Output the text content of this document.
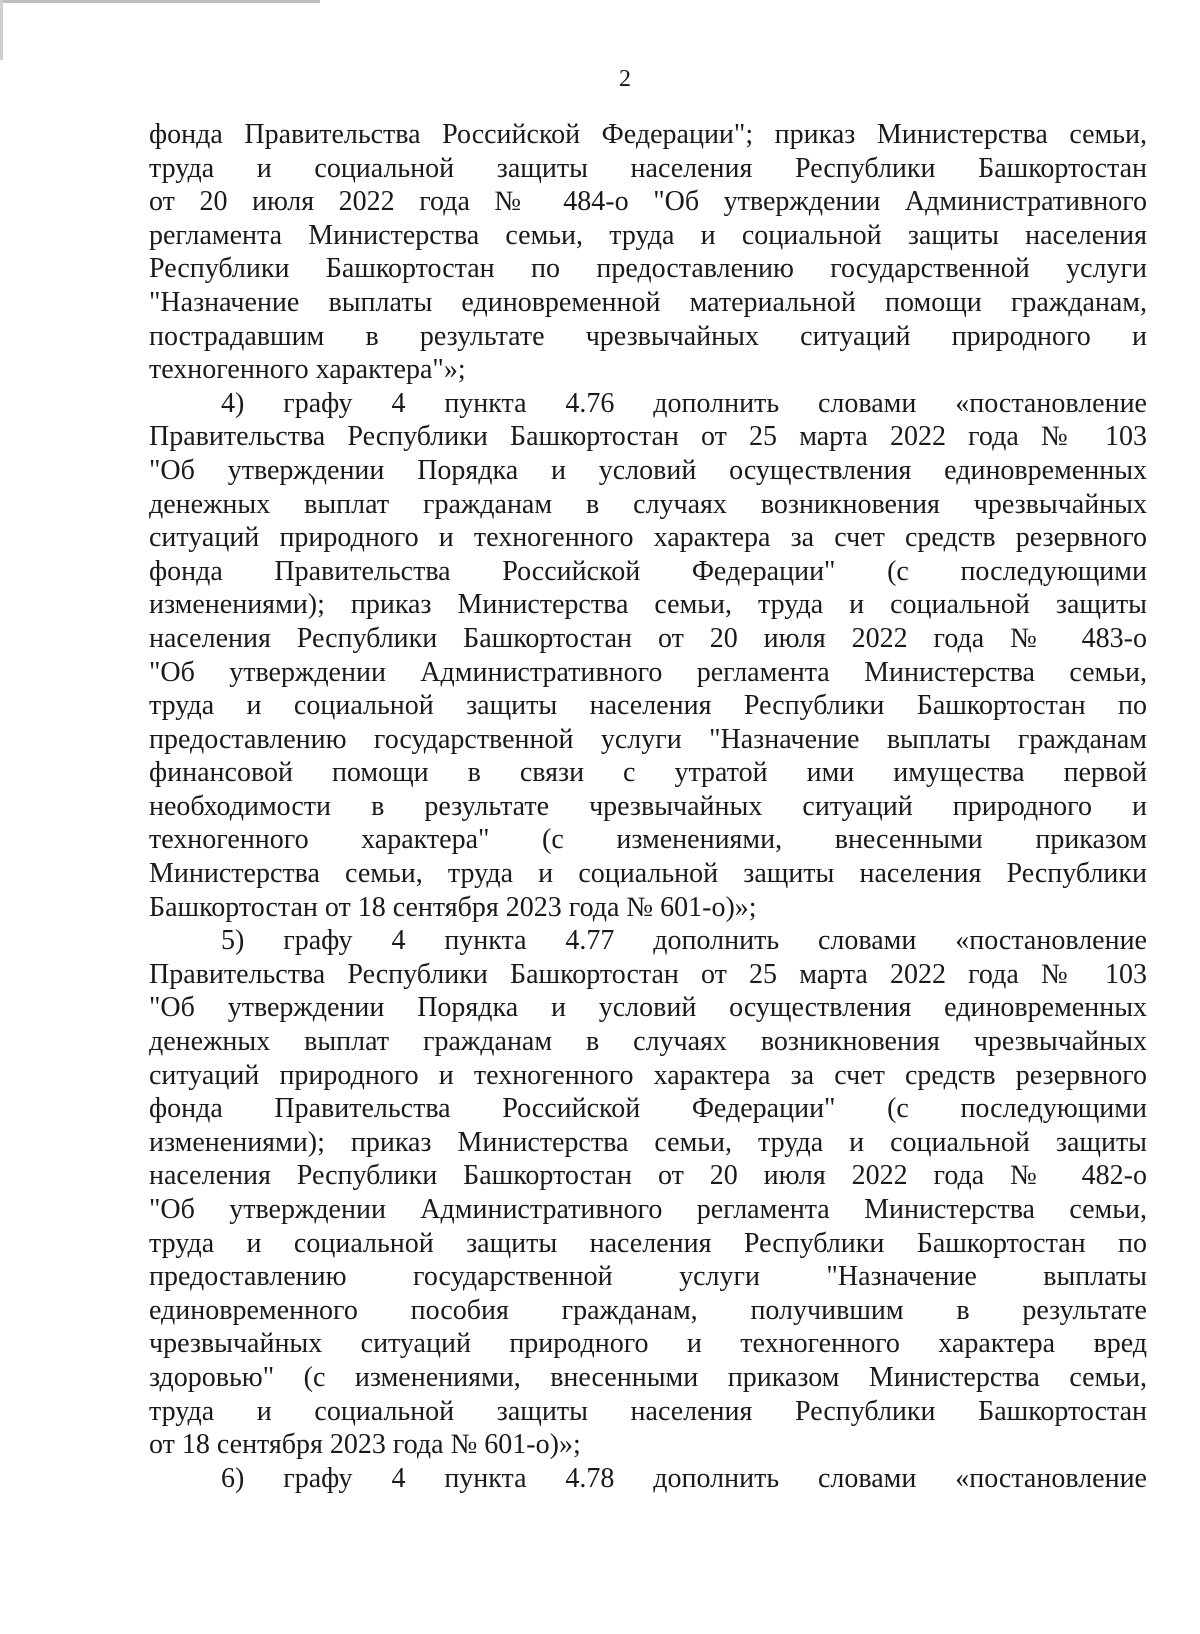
2
фонда Правительства Российской Федерации"; приказ Министерства семьи,
труда и социальной защиты населения Республики Башкортостан
от 20 июля 2022 года № 484-о "Об утверждении Административного
регламента Министерства семьи, труда и социальной защиты населения
Республики Башкортостан по предоставлению государственной услуги
"Назначение выплаты единовременной материальной помощи гражданам,
пострадавшим в результате чрезвычайных ситуаций природного и
техногенного характера"»;
4) графу 4 пункта 4.76 дополнить словами «постановление
Правительства Республики Башкортостан от 25 марта 2022 года № 103
"Об утверждении Порядка и условий осуществления единовременных
денежных выплат гражданам в случаях возникновения чрезвычайных
ситуаций природного и техногенного характера за счет средств резервного
фонда Правительства Российской Федерации" (с последующими
изменениями); приказ Министерства семьи, труда и социальной защиты
населения Республики Башкортостан от 20 июля 2022 года № 483-о
"Об утверждении Административного регламента Министерства семьи,
труда и социальной защиты населения Республики Башкортостан по
предоставлению государственной услуги "Назначение выплаты гражданам
финансовой помощи в связи с утратой ими имущества первой
необходимости в результате чрезвычайных ситуаций природного и
техногенного характера" (с изменениями, внесенными приказом
Министерства семьи, труда и социальной защиты населения Республики
Башкортостан от 18 сентября 2023 года № 601-о)»;
5) графу 4 пункта 4.77 дополнить словами «постановление
Правительства Республики Башкортостан от 25 марта 2022 года № 103
"Об утверждении Порядка и условий осуществления единовременных
денежных выплат гражданам в случаях возникновения чрезвычайных
ситуаций природного и техногенного характера за счет средств резервного
фонда Правительства Российской Федерации" (с последующими
изменениями); приказ Министерства семьи, труда и социальной защиты
населения Республики Башкортостан от 20 июля 2022 года № 482-о
"Об утверждении Административного регламента Министерства семьи,
труда и социальной защиты населения Республики Башкортостан по
предоставлению государственной услуги "Назначение выплаты
единовременного пособия гражданам, получившим в результате
чрезвычайных ситуаций природного и техногенного характера вред
здоровью" (с изменениями, внесенными приказом Министерства семьи,
труда и социальной защиты населения Республики Башкортостан
от 18 сентября 2023 года № 601-о)»;
6) графу 4 пункта 4.78 дополнить словами «постановление
